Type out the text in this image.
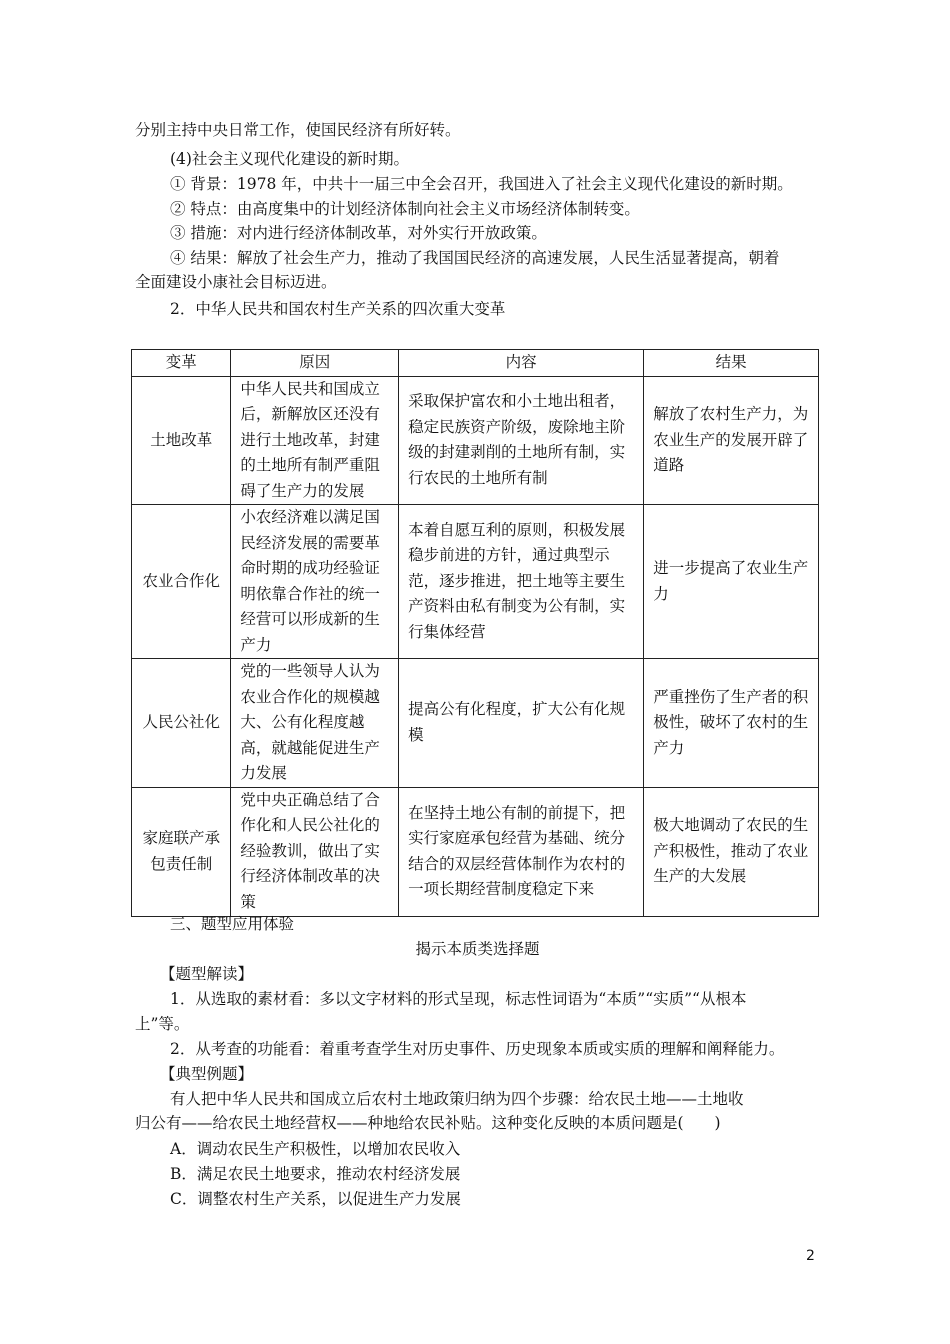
分别主持中央日常工作，使国民经济有所好转。
(4)社会主义现代化建设的新时期。
① 背景：1978 年，中共十一届三中全会召开，我国进入了社会主义现代化建设的新时期。
② 特点：由高度集中的计划经济体制向社会主义市场经济体制转变。
③ 措施：对内进行经济体制改革，对外实行开放政策。
④ 结果：解放了社会生产力，推动了我国国民经济的高速发展，人民生活显著提高，朝着
全面建设小康社会目标迈进。
2．中华人民共和国农村生产关系的四次重大变革
变革	原因	内容	结果
土地改革	中华人民共和国成立后，新解放区还没有进行土地改革，封建的土地所有制严重阻碍了生产力的发展	采取保护富农和小土地出租者，稳定民族资产阶级，废除地主阶级的封建剥削的土地所有制，实行农民的土地所有制	解放了农村生产力，为农业生产的发展开辟了道路
农业合作化	小农经济难以满足国民经济发展的需要革命时期的成功经验证明依靠合作社的统一经营可以形成新的生产力	本着自愿互利的原则，积极发展稳步前进的方针，通过典型示范，逐步推进，把土地等主要生产资料由私有制变为公有制，实行集体经营	进一步提高了农业生产力
人民公社化	党的一些领导人认为农业合作化的规模越大、公有化程度越高，就越能促进生产力发展	提高公有化程度，扩大公有化规模	严重挫伤了生产者的积极性，破坏了农村的生产力
家庭联产承包责任制	党中央正确总结了合作化和人民公社化的经验教训，做出了实行经济体制改革的决策	在坚持土地公有制的前提下，把实行家庭承包经营为基础、统分结合的双层经营体制作为农村的一项长期经营制度稳定下来	极大地调动了农民的生产积极性，推动了农业生产的大发展
三、题型应用体验
揭示本质类选择题
【题型解读】
1．从选取的素材看：多以文字材料的形式呈现，标志性词语为“本质”“实质”“从根本
上”等。
2．从考查的功能看：着重考查学生对历史事件、历史现象本质或实质的理解和阐释能力。
【典型例题】
有人把中华人民共和国成立后农村土地政策归纳为四个步骤：给农民土地——土地收
归公有——给农民土地经营权——种地给农民补贴。这种变化反映的本质问题是(　　)
A．调动农民生产积极性，以增加农民收入
B．满足农民土地要求，推动农村经济发展
C．调整农村生产关系，以促进生产力发展
2
